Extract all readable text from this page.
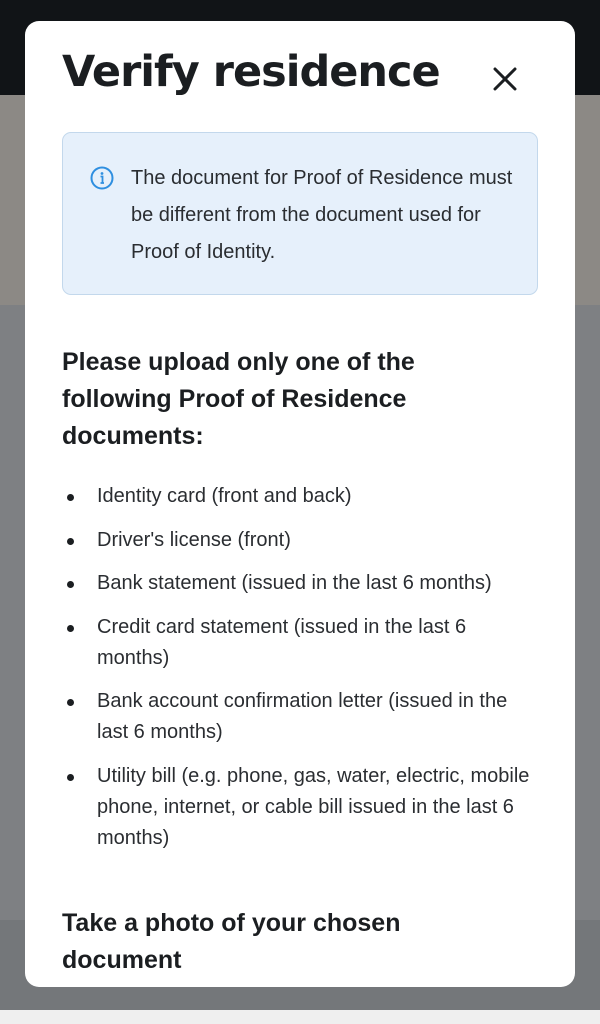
Verify residence
The document for Proof of Residence must be different from the document used for Proof of Identity.
Please upload only one of the following Proof of Residence documents:
Identity card (front and back)
Driver's license (front)
Bank statement (issued in the last 6 months)
Credit card statement (issued in the last 6 months)
Bank account confirmation letter (issued in the last 6 months)
Utility bill (e.g. phone, gas, water, electric, mobile phone, internet, or cable bill issued in the last 6 months)
Take a photo of your chosen document
